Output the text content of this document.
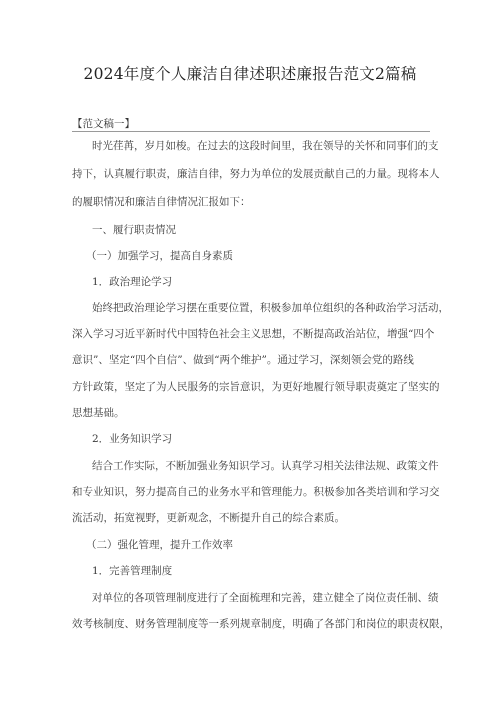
2024年度个人廉洁自律述职述廉报告范文2篇稿
【范文稿一】
时光荏苒，岁月如梭。在过去的这段时间里，我在领导的关怀和同事们的支
持下，认真履行职责，廉洁自律，努力为单位的发展贡献自己的力量。现将本人
的履职情况和廉洁自律情况汇报如下：
一、履行职责情况
（一）加强学习，提高自身素质
1．政治理论学习
始终把政治理论学习摆在重要位置，积极参加单位组织的各种政治学习活动，
深入学习习近平新时代中国特色社会主义思想，不断提高政治站位，增强“四个
意识”、坚定“四个自信”、做到“两个维护”。通过学习，深刻领会党的路线
方针政策，坚定了为人民服务的宗旨意识，为更好地履行领导职责奠定了坚实的
思想基础。
2．业务知识学习
结合工作实际，不断加强业务知识学习。认真学习相关法律法规、政策文件
和专业知识，努力提高自己的业务水平和管理能力。积极参加各类培训和学习交
流活动，拓宽视野，更新观念，不断提升自己的综合素质。
（二）强化管理，提升工作效率
1．完善管理制度
对单位的各项管理制度进行了全面梳理和完善，建立健全了岗位责任制、绩
效考核制度、财务管理制度等一系列规章制度，明确了各部门和岗位的职责权限，
